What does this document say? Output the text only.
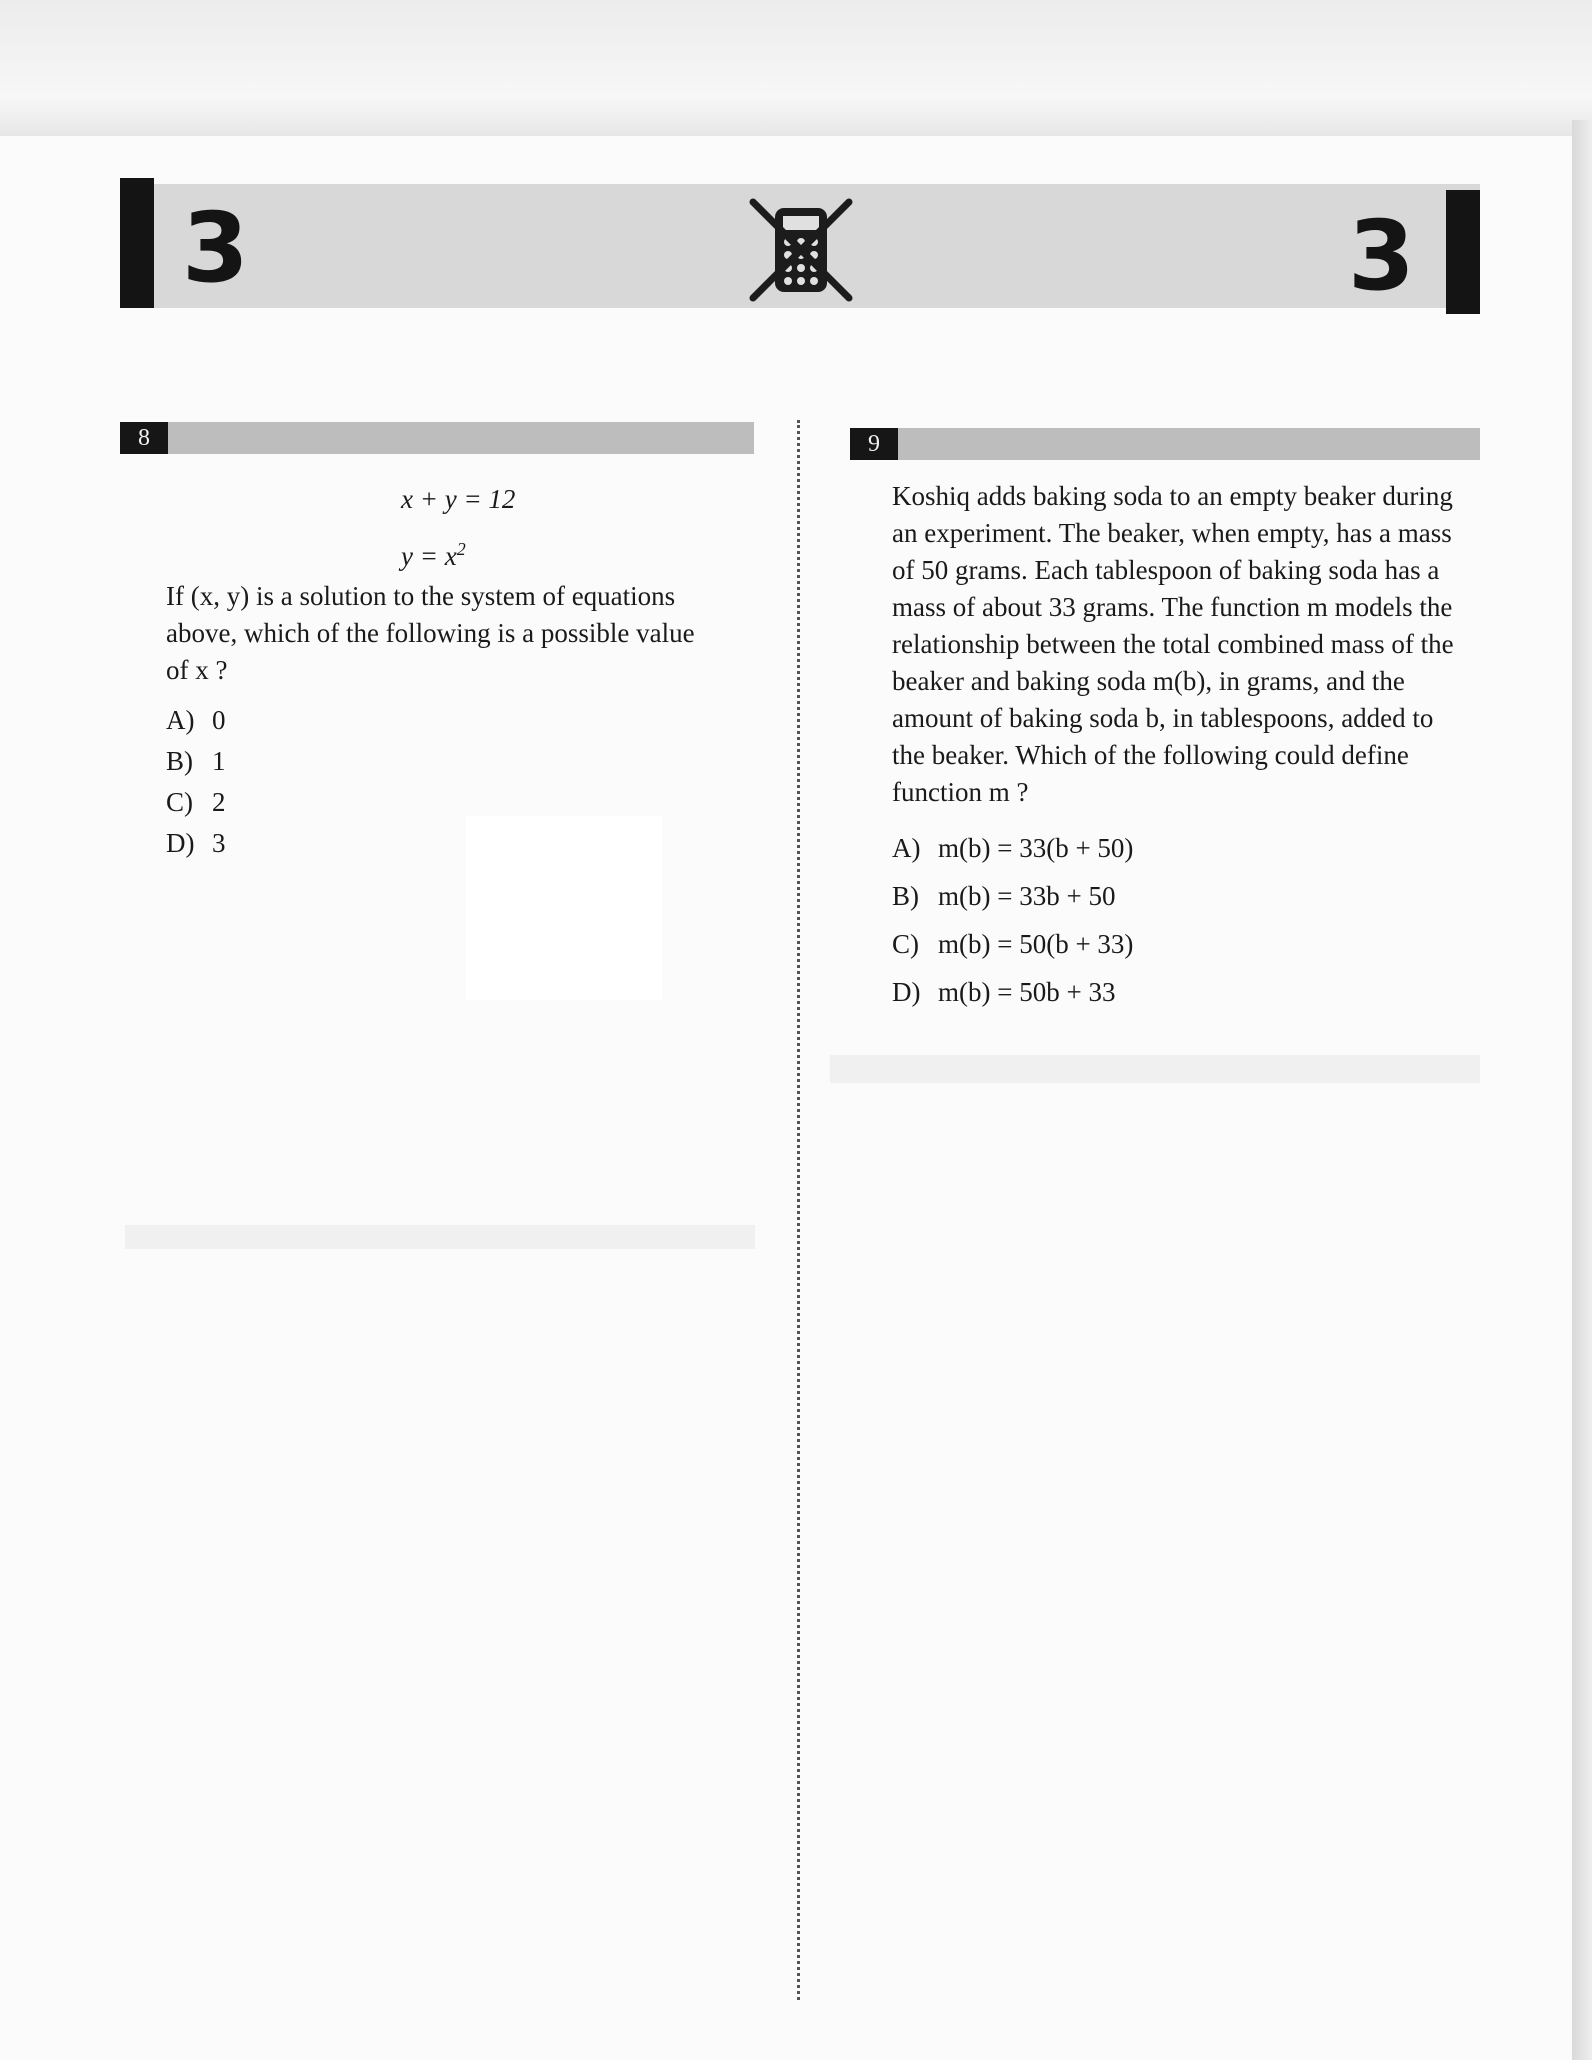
3	3
8
x + y = 12
$y = x^2$
If (x, y) is a solution to the system of equations
above, which of the following is a possible value
of x ?
A) 0
B) 1
C) 2
D) 3
9
Koshiq adds baking soda to an empty beaker during
an experiment. The beaker, when empty, has a mass
of 50 grams. Each tablespoon of baking soda has a
mass of about 33 grams. The function m models the
relationship between the total combined mass of the
beaker and baking soda m(b), in grams, and the
amount of baking soda b, in tablespoons, added to
the beaker. Which of the following could define
function m ?
A) m(b) = 33(b + 50)
B) m(b) = 33b + 50
C) m(b) = 50(b + 33)
D) m(b) = 50b + 33
